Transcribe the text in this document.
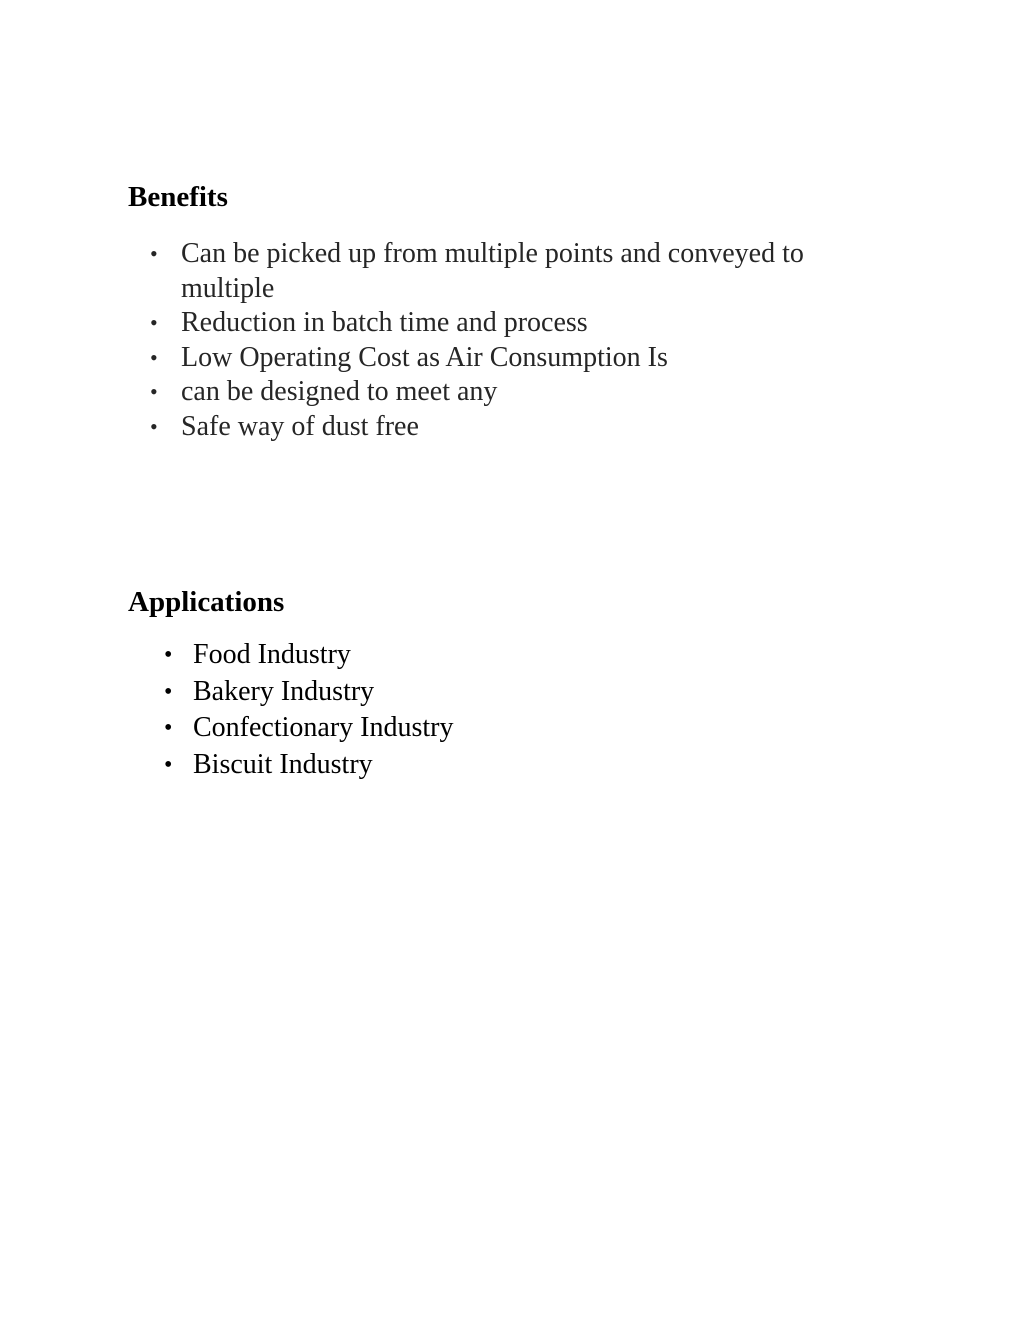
Benefits
• Can be picked up from multiple points and conveyed to multiple
• Reduction in batch time and process
• Low Operating Cost as Air Consumption Is
• can be designed to meet any
• Safe way of dust free
Applications
• Food Industry
• Bakery Industry
• Confectionary Industry
• Biscuit Industry
